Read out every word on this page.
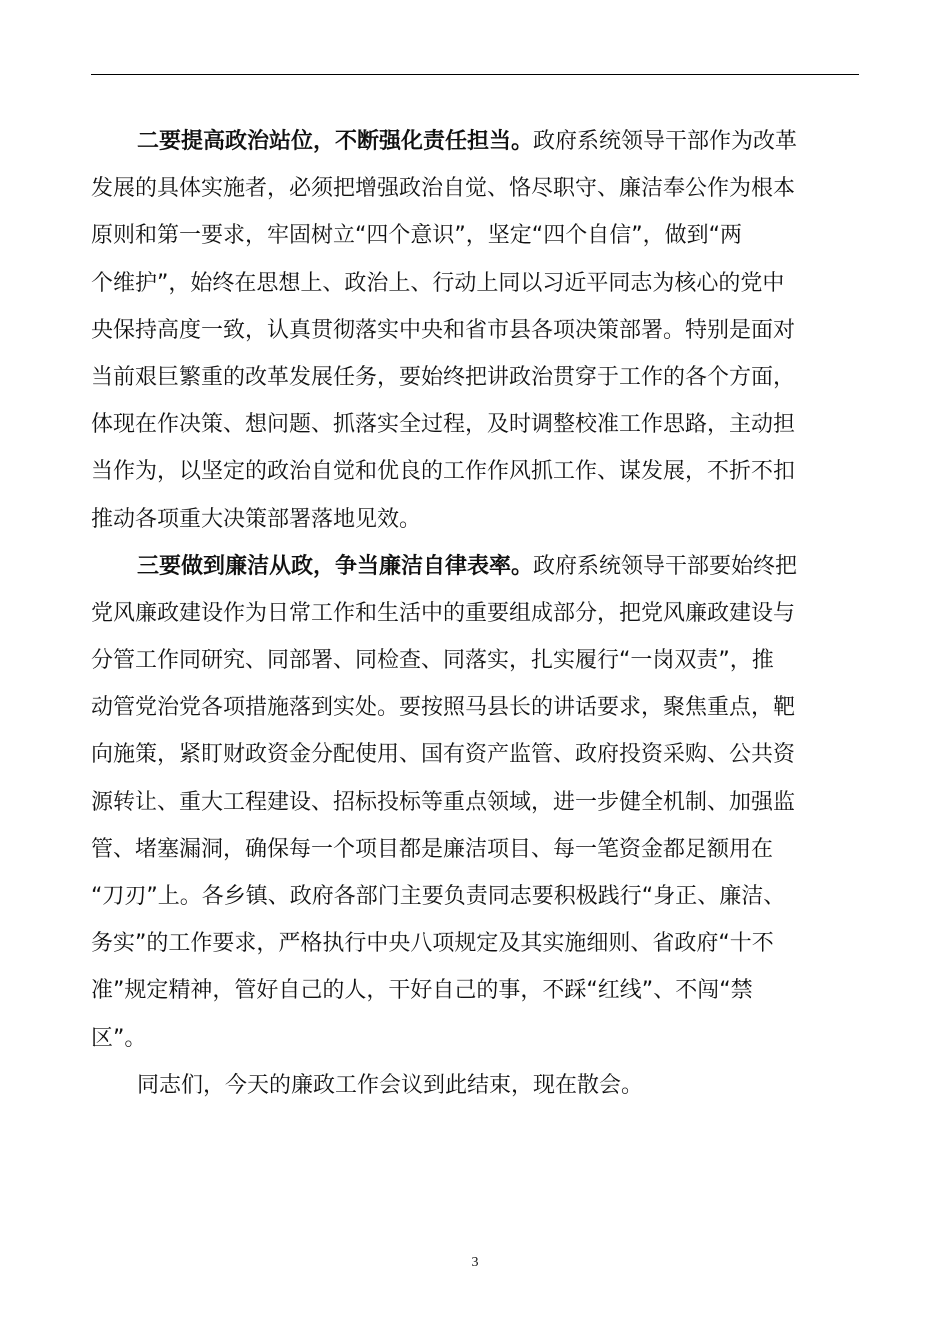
二要提高政治站位，不断强化责任担当。政府系统领导干部作为改革
发展的具体实施者，必须把增强政治自觉、恪尽职守、廉洁奉公作为根本
原则和第一要求，牢固树立“四个意识”，坚定“四个自信”，做到“两
个维护”，始终在思想上、政治上、行动上同以习近平同志为核心的党中
央保持高度一致，认真贯彻落实中央和省市县各项决策部署。特别是面对
当前艰巨繁重的改革发展任务，要始终把讲政治贯穿于工作的各个方面，
体现在作决策、想问题、抓落实全过程，及时调整校准工作思路，主动担
当作为，以坚定的政治自觉和优良的工作作风抓工作、谋发展，不折不扣
推动各项重大决策部署落地见效。
三要做到廉洁从政，争当廉洁自律表率。政府系统领导干部要始终把
党风廉政建设作为日常工作和生活中的重要组成部分，把党风廉政建设与
分管工作同研究、同部署、同检查、同落实，扎实履行“一岗双责”，推
动管党治党各项措施落到实处。要按照马县长的讲话要求，聚焦重点，靶
向施策，紧盯财政资金分配使用、国有资产监管、政府投资采购、公共资
源转让、重大工程建设、招标投标等重点领域，进一步健全机制、加强监
管、堵塞漏洞，确保每一个项目都是廉洁项目、每一笔资金都足额用在
“刀刃”上。各乡镇、政府各部门主要负责同志要积极践行“身正、廉洁、
务实”的工作要求，严格执行中央八项规定及其实施细则、省政府“十不
准”规定精神，管好自己的人，干好自己的事，不踩“红线”、不闯“禁
区”。
同志们，今天的廉政工作会议到此结束，现在散会。
3
